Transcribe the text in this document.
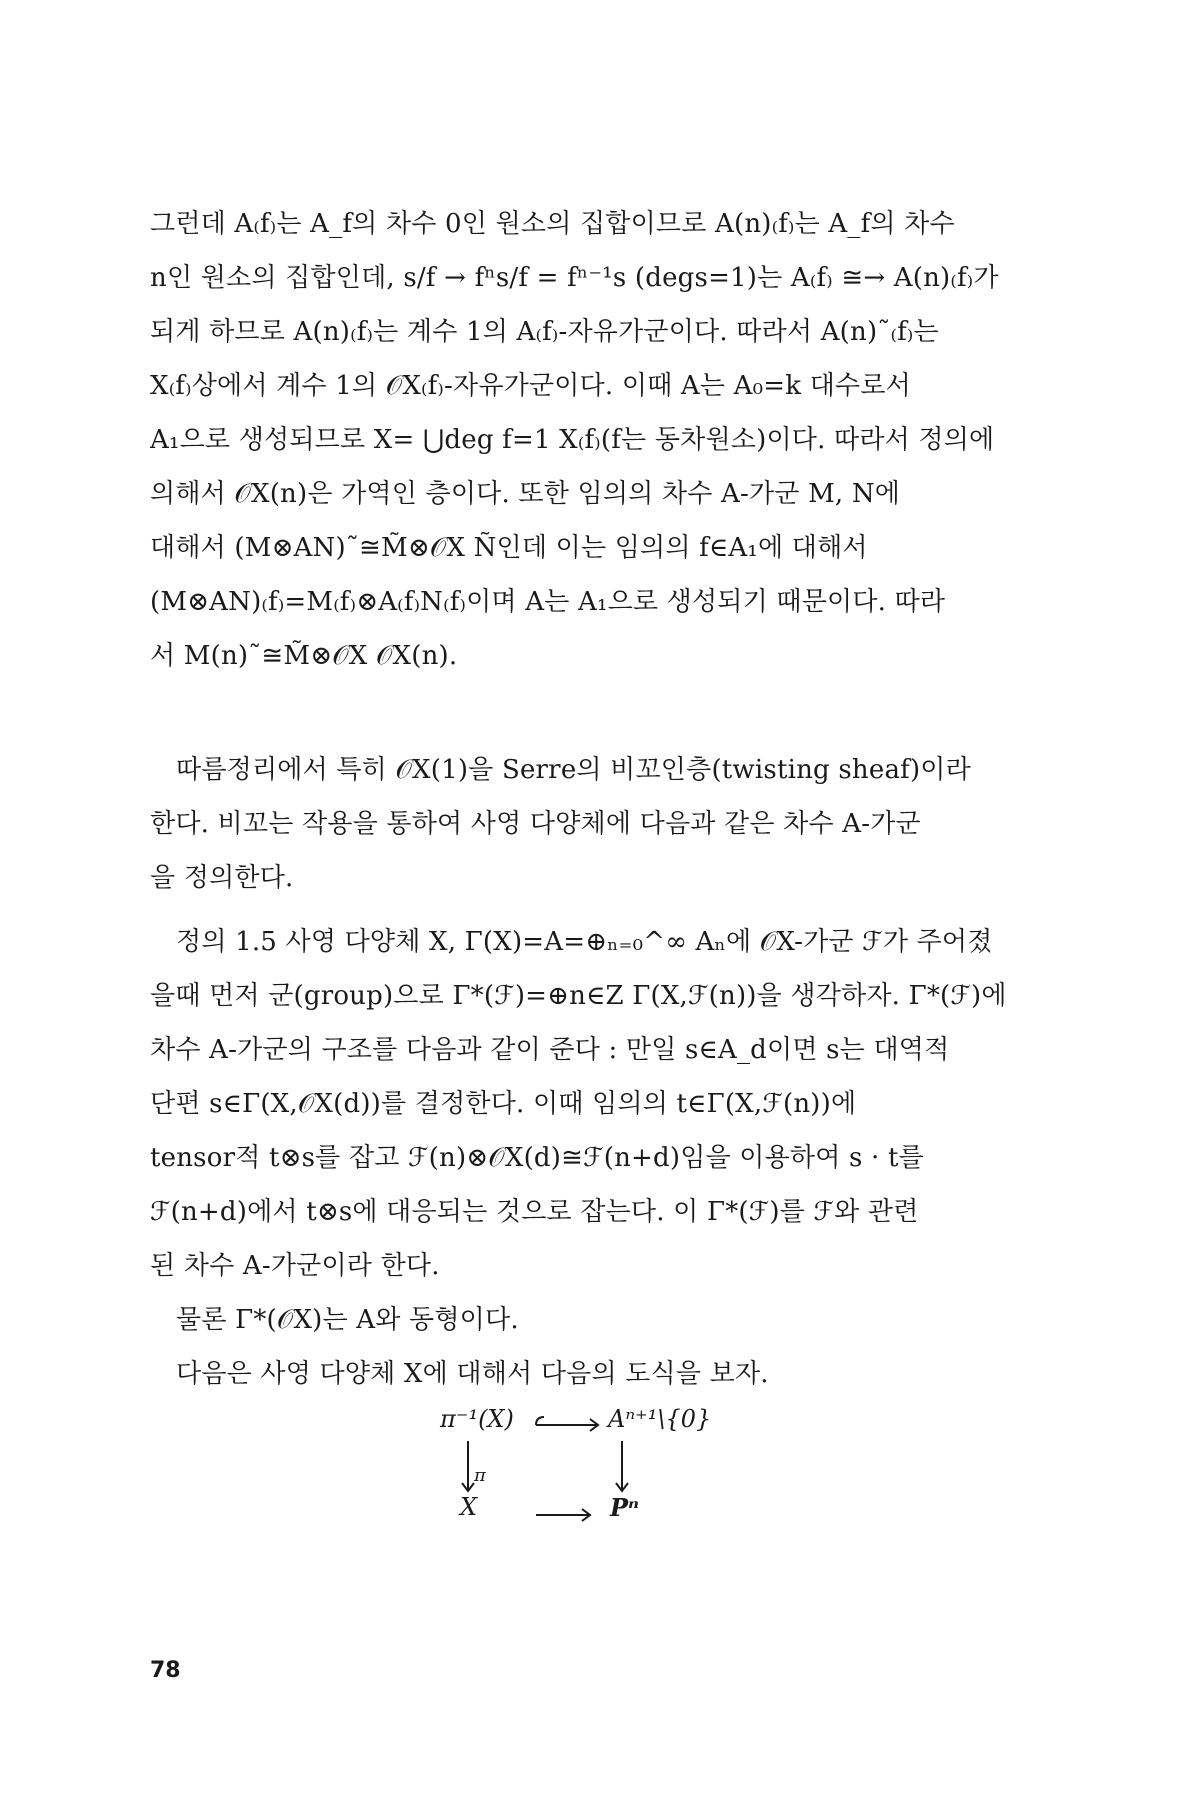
그런데 A₍f₎는 A_f의 차수 0인 원소의 집합이므로 A(n)₍f₎는 A_f의 차수
n인 원소의 집합인데, s/f → fⁿs/f = fⁿ⁻¹s (degs=1)는 A₍f₎ ≅→ A(n)₍f₎가
되게 하므로 A(n)₍f₎는 계수 1의 A₍f₎-자유가군이다. 따라서 A(n)˜₍f₎는
X₍f₎상에서 계수 1의 𝒪X₍f₎-자유가군이다. 이때 A는 A₀=k 대수로서
A₁으로 생성되므로 X= ⋃deg f=1 X₍f₎(f는 동차원소)이다. 따라서 정의에
의해서 𝒪X(n)은 가역인 층이다. 또한 임의의 차수 A-가군 M, N에
대해서 (M⊗AN)˜≅M̃⊗𝒪X Ñ인데 이는 임의의 f∈A₁에 대해서
(M⊗AN)₍f₎=M₍f₎⊗A₍f₎N₍f₎이며 A는 A₁으로 생성되기 때문이다. 따라
서 M(n)˜≅M̃⊗𝒪X 𝒪X(n).
따름정리에서 특히 𝒪X(1)을 Serre의 비꼬인층(twisting sheaf)이라
한다. 비꼬는 작용을 통하여 사영 다양체에 다음과 같은 차수 A-가군
을 정의한다.
정의 1.5 사영 다양체 X, Γ(X)=A=⊕ₙ₌₀^∞ Aₙ에 𝒪X-가군 ℱ가 주어졌
을때 먼저 군(group)으로 Γ*(ℱ)=⊕n∈Z Γ(X,ℱ(n))을 생각하자. Γ*(ℱ)에
차수 A-가군의 구조를 다음과 같이 준다 : 만일 s∈A_d이면 s는 대역적
단편 s∈Γ(X,𝒪X(d))를 결정한다. 이때 임의의 t∈Γ(X,ℱ(n))에
tensor적 t⊗s를 잡고 ℱ(n)⊗𝒪X(d)≅ℱ(n+d)임을 이용하여 s · t를
ℱ(n+d)에서 t⊗s에 대응되는 것으로 잡는다. 이 Γ*(ℱ)를 ℱ와 관련
된 차수 A-가군이라 한다.
물론 Γ*(𝒪X)는 A와 동형이다.
다음은 사영 다양체 X에 대해서 다음의 도식을 보자.
π⁻¹(X)	Aⁿ⁺¹\{0}
X
π
Pⁿ
78
